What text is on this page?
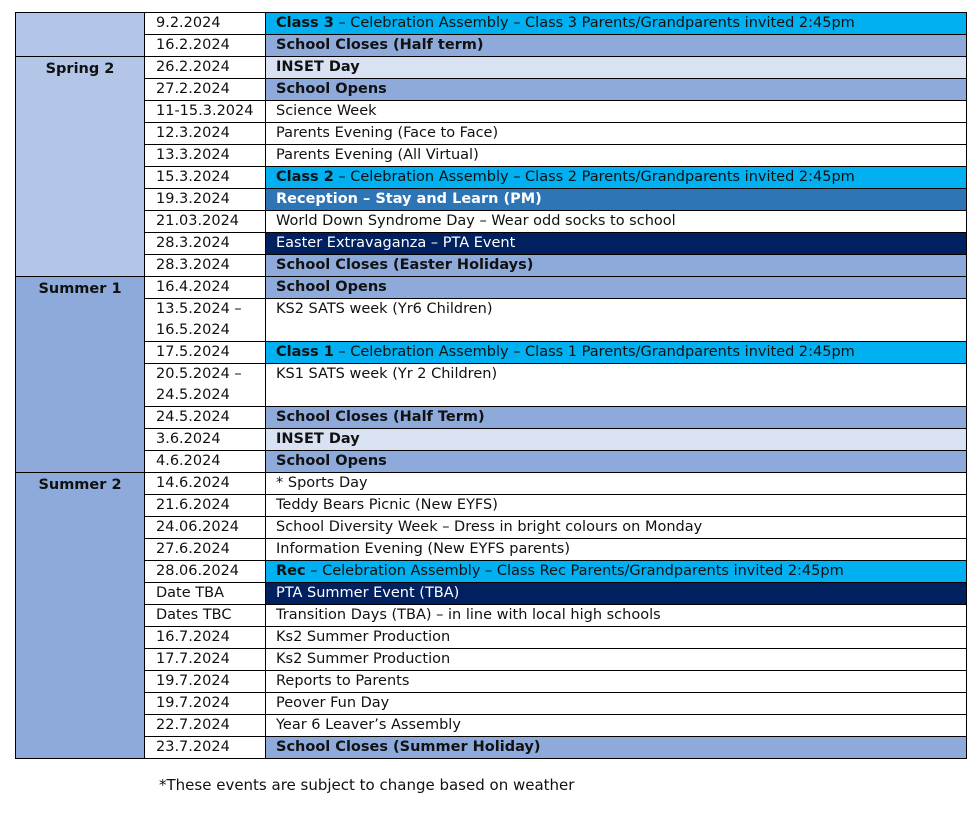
	9.2.2024	Class 3 – Celebration Assembly – Class 3 Parents/Grandparents invited 2:45pm
	16.2.2024	School Closes (Half term)
Spring 2	26.2.2024	INSET Day
	27.2.2024	School Opens
	11-15.3.2024	Science Week
	12.3.2024	Parents Evening (Face to Face)
	13.3.2024	Parents Evening (All Virtual)
	15.3.2024	Class 2 – Celebration Assembly – Class 2 Parents/Grandparents invited 2:45pm
	19.3.2024	Reception – Stay and Learn (PM)
	21.03.2024	World Down Syndrome Day – Wear odd socks to school
	28.3.2024	Easter Extravaganza – PTA Event
	28.3.2024	School Closes (Easter Holidays)
Summer 1	16.4.2024	School Opens
	13.5.2024 –
16.5.2024	KS2 SATS week (Yr6 Children)
	17.5.2024	Class 1 – Celebration Assembly – Class 1 Parents/Grandparents invited 2:45pm
	20.5.2024 –
24.5.2024	KS1 SATS week (Yr 2 Children)
	24.5.2024	School Closes (Half Term)
	3.6.2024	INSET Day
	4.6.2024	School Opens
Summer 2	14.6.2024	* Sports Day
	21.6.2024	Teddy Bears Picnic (New EYFS)
	24.06.2024	School Diversity Week – Dress in bright colours on Monday
	27.6.2024	Information Evening (New EYFS parents)
	28.06.2024	Rec – Celebration Assembly – Class Rec Parents/Grandparents invited 2:45pm
	Date TBA	PTA Summer Event (TBA)
	Dates TBC	Transition Days (TBA) – in line with local high schools
	16.7.2024	Ks2 Summer Production
	17.7.2024	Ks2 Summer Production
	19.7.2024	Reports to Parents
	19.7.2024	Peover Fun Day
	22.7.2024	Year 6 Leaver’s Assembly
	23.7.2024	School Closes (Summer Holiday)
*These events are subject to change based on weather
